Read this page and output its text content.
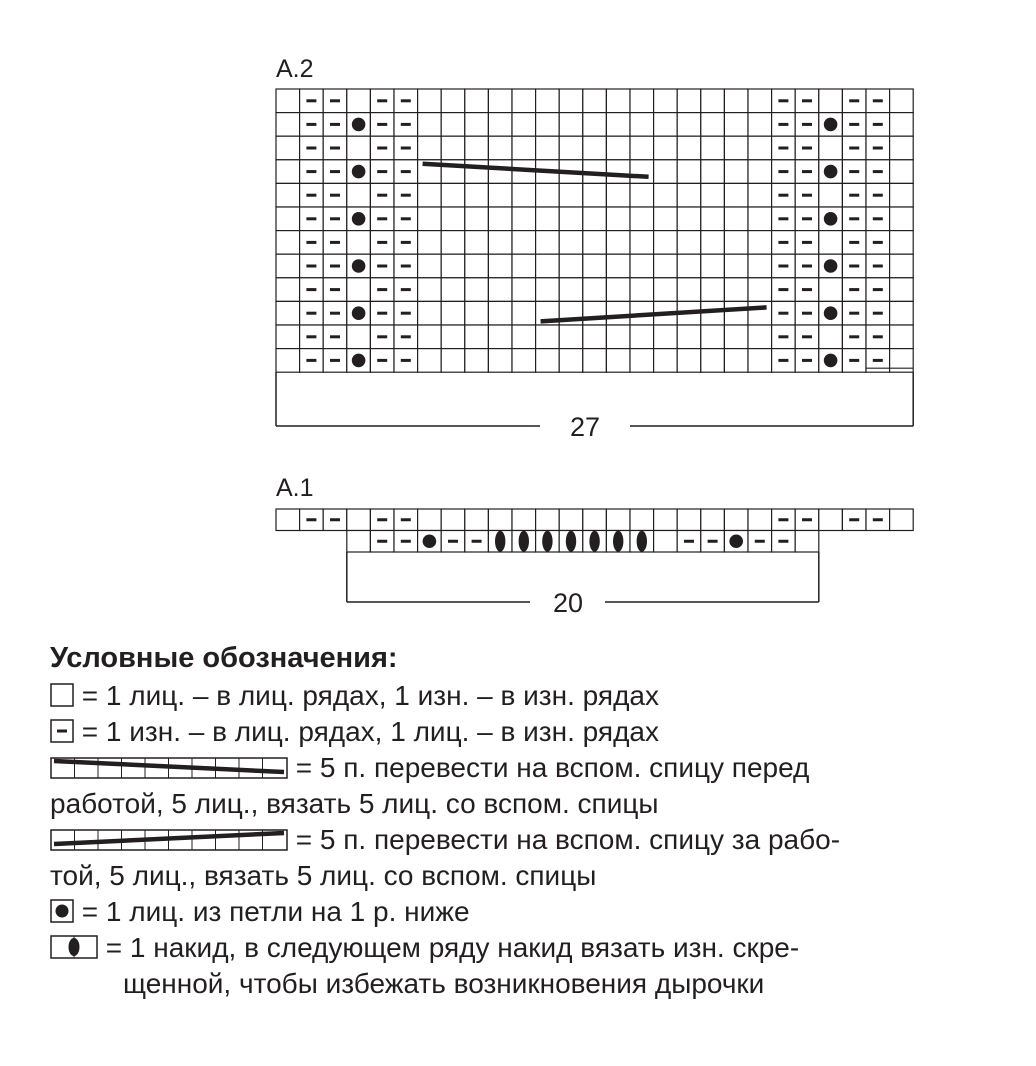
27
20
A.2
A.1
Условные обозначения:
= 1 лиц. – в лиц. рядах, 1 изн. – в изн. рядах
= 1 изн. – в лиц. рядах, 1 лиц. – в изн. рядах
= 5 п. перевести на вспом. спицу перед
работой, 5 лиц., вязать 5 лиц. со вспом. спицы
= 5 п. перевести на вспом. спицу за рабо-
той, 5 лиц., вязать 5 лиц. со вспом. спицы
= 1 лиц. из петли на 1 р. ниже
= 1 накид, в следующем ряду накид вязать изн. скре-
щенной, чтобы избежать возникновения дырочки
